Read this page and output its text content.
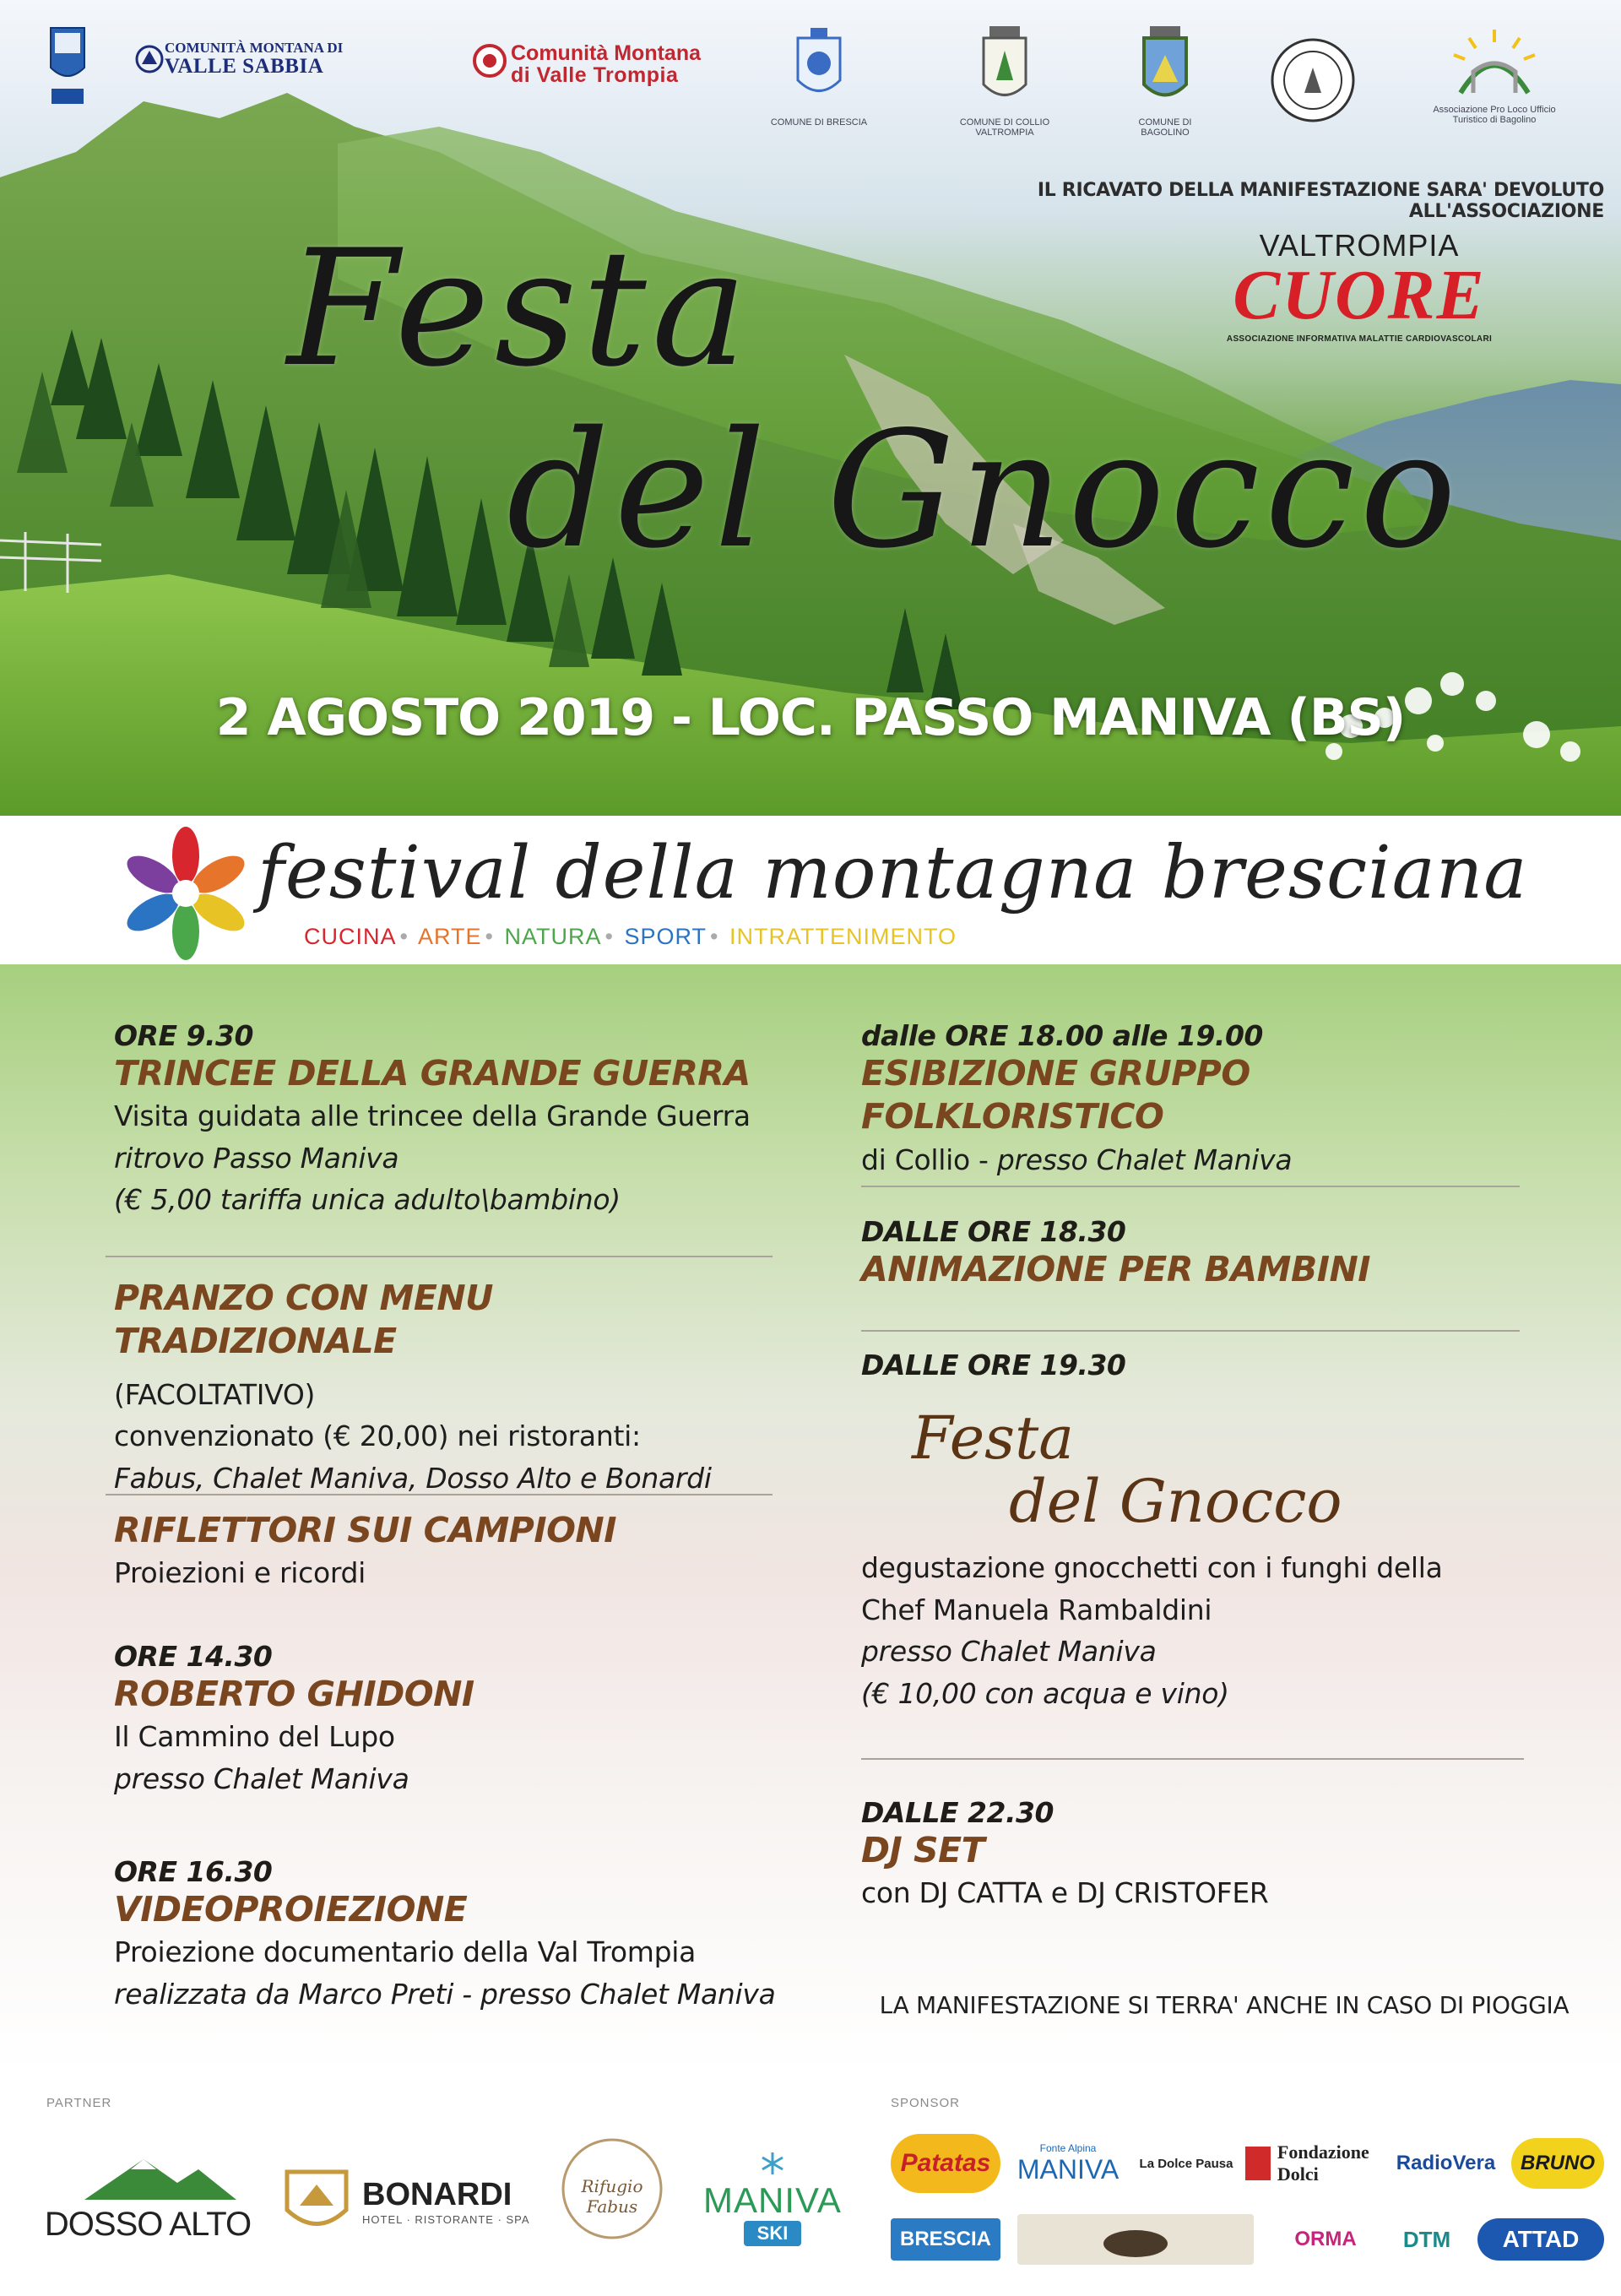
COMUNITÀ MONTANA DI
VALLE SABBIA
Comunità Montana
di Valle Trompia
COMUNE DI BRESCIA	COMUNE DI COLLIO VALTROMPIA
COMUNE DI BAGOLINO
Associazione Pro Loco Ufficio Turistico di Bagolino
IL RICAVATO DELLA MANIFESTAZIONE SARA' DEVOLUTO ALL'ASSOCIAZIONE
VALTROMPIA
CUORE
ASSOCIAZIONE INFORMATIVA MALATTIE CARDIOVASCOLARI
Festa
del Gnocco
2 AGOSTO 2019 - LOC. PASSO MANIVA (BS)
festival della montagna bresciana
CUCINA • ARTE • NATURA • SPORT • INTRATTENIMENTO
ORE 9.30
TRINCEE DELLA GRANDE GUERRA
Visita guidata alle trincee della Grande Guerra
ritrovo Passo Maniva
(€ 5,00 tariffa unica adulto\bambino)
PRANZO CON MENU TRADIZIONALE
(FACOLTATIVO)
convenzionato (€ 20,00) nei ristoranti:
Fabus, Chalet Maniva, Dosso Alto e Bonardi
RIFLETTORI SUI CAMPIONI
Proiezioni e ricordi
ORE 14.30
ROBERTO GHIDONI
Il Cammino del Lupo
presso Chalet Maniva
ORE 16.30
VIDEOPROIEZIONE
Proiezione documentario della Val Trompia
realizzata da Marco Preti - presso Chalet Maniva
dalle ORE 18.00 alle 19.00
ESIBIZIONE GRUPPO FOLKLORISTICO
di Collio - presso Chalet Maniva
DALLE ORE 18.30
ANIMAZIONE PER BAMBINI
DALLE ORE 19.30
Festa
del Gnocco
degustazione gnocchetti con i funghi della
Chef Manuela Rambaldini
presso Chalet Maniva
(€ 10,00 con acqua e vino)
DALLE 22.30
DJ SET
con DJ CATTA e DJ CRISTOFER
LA MANIFESTAZIONE SI TERRA' ANCHE IN CASO DI PIOGGIA
PARTNER	SPONSOR
DOSSO ALTO
BONARDI
HOTEL · RISTORANTE · SPA
Rifugio Fabus	MANIVA
SKI
Patatas
Fonte Alpina
MANIVA	La Dolce Pausa
Fondazione Dolci	RadioVera	BRUNO
BRESCIA	ORMA	DTM	ATTAD
